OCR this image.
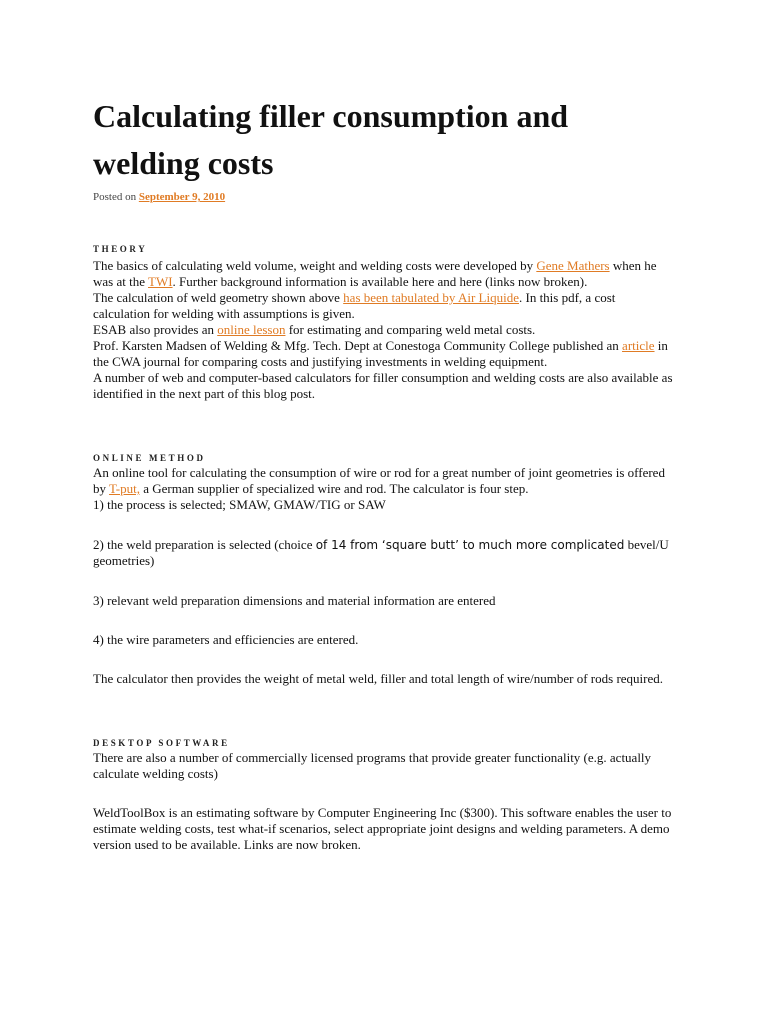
Calculating filler consumption and welding costs
Posted on September 9, 2010
THEORY

The basics of calculating weld volume, weight and welding costs were developed by Gene Mathers when he was at the TWI. Further background information is available here and here (links now broken).

The calculation of weld geometry shown above has been tabulated by Air Liquide. In this pdf, a cost calculation for welding with assumptions is given.

ESAB also provides an online lesson for estimating and comparing weld metal costs.

Prof. Karsten Madsen of Welding & Mfg. Tech. Dept at Conestoga Community College published an article in the CWA journal for comparing costs and justifying investments in welding equipment.

A number of web and computer-based calculators for filler consumption and welding costs are also available as identified in the next part of this blog post.

ONLINE METHOD

An online tool for calculating the consumption of wire or rod for a great number of joint geometries is offered by T-put, a German supplier of specialized wire and rod. The calculator is four step.

1) the process is selected; SMAW, GMAW/TIG or SAW

2) the weld preparation is selected (choice of 14 from ‘square butt’ to much more complicated bevel/U geometries)

3) relevant weld preparation dimensions and material information are entered

4) the wire parameters and efficiencies are entered.

The calculator then provides the weight of metal weld, filler and total length of wire/number of rods required.

DESKTOP SOFTWARE

There are also a number of commercially licensed programs that provide greater functionality (e.g. actually calculate welding costs)

WeldToolBox is an estimating software by Computer Engineering Inc ($300). This software enables the user to estimate welding costs, test what-if scenarios, select appropriate joint designs and welding parameters. A demo version used to be available. Links are now broken.
